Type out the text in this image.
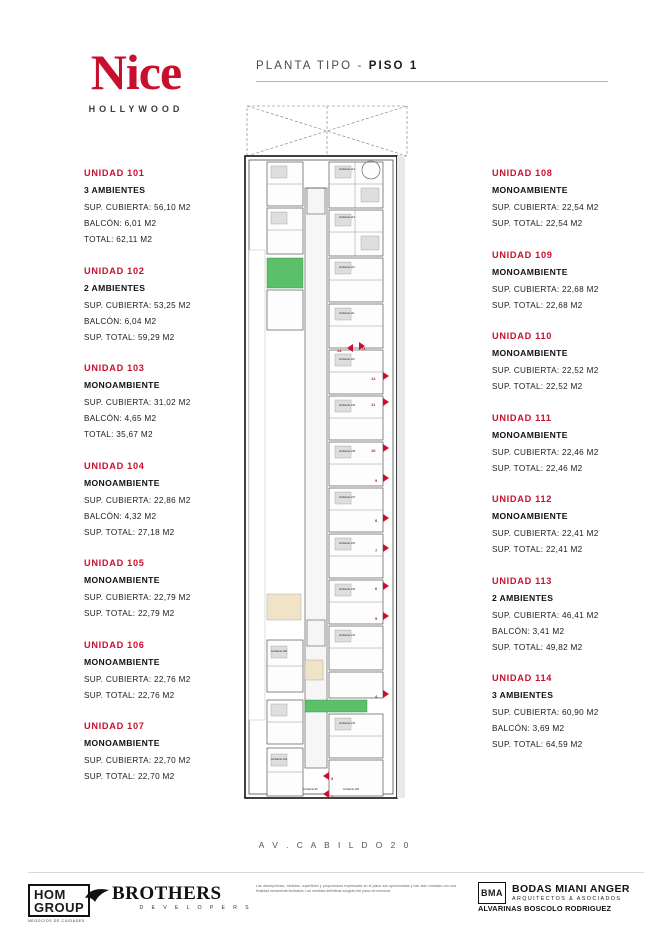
Nice
HOLLYWOOD
PLANTA TIPO - PISO 1
UNIDAD 101
3 AMBIENTES
SUP. CUBIERTA: 56,10 M2
BALCÓN: 6,01 M2
TOTAL: 62,11 M2
UNIDAD 102
2 AMBIENTES
SUP. CUBIERTA: 53,25 M2
BALCÓN: 6,04 M2
SUP. TOTAL: 59,29 M2
UNIDAD 103
MONOAMBIENTE
SUP. CUBIERTA: 31,02 M2
BALCÓN: 4,65 M2
TOTAL: 35,67 M2
UNIDAD 104
MONOAMBIENTE
SUP. CUBIERTA: 22,86 M2
BALCÓN: 4,32 M2
SUP. TOTAL: 27,18 M2
UNIDAD 105
MONOAMBIENTE
SUP. CUBIERTA: 22,79 M2
SUP. TOTAL: 22,79 M2
UNIDAD 106
MONOAMBIENTE
SUP. CUBIERTA: 22,76 M2
SUP. TOTAL: 22,76 M2
UNIDAD 107
MONOAMBIENTE
SUP. CUBIERTA: 22,70 M2
SUP. TOTAL: 22,70 M2
UNIDAD 108
MONOAMBIENTE
SUP. CUBIERTA: 22,54 M2
SUP. TOTAL: 22,54 M2
UNIDAD 109
MONOAMBIENTE
SUP. CUBIERTA: 22,68 M2
SUP. TOTAL: 22,68 M2
UNIDAD 110
MONOAMBIENTE
SUP. CUBIERTA: 22,52 M2
SUP. TOTAL: 22,52 M2
UNIDAD 111
MONOAMBIENTE
SUP. CUBIERTA: 22,46 M2
SUP. TOTAL: 22,46 M2
UNIDAD 112
MONOAMBIENTE
SUP. CUBIERTA: 22,41 M2
SUP. TOTAL: 22,41 M2
UNIDAD 113
2 AMBIENTES
SUP. CUBIERTA: 46,41 M2
BALCÓN: 3,41 M2
SUP. TOTAL: 49,82 M2
UNIDAD 114
3 AMBIENTES
SUP. CUBIERTA: 60,90 M2
BALCÓN: 3,69 M2
SUP. TOTAL: 64,59 M2
2
3
4
5
6
7
8
9
10
11
12
13
14
Ambiente 114
Ambiente 113
Ambiente 112
Ambiente 111
Ambiente 110
Ambiente 109
Ambiente 108
Ambiente 107
Ambiente 106
Ambiente 105
Ambiente 104
Ambiente 103
Ambiente 102
Ambiente 101
Ambiente 100
Ambiente 99
A V . C A B I L D O 2 0
HOM
GROUP
NEGOCIOS DE CIUDADES
BROTHERS
D E V E L O P E R S
Las descripciones, medidas, superficies y proporciones expresadas en el plano son aproximadas y han sido volcadas con una finalidad meramente ilustrativa. Las medidas definitivas surgirán del plano de mensura.	BMA BODAS MIANI ANGER
ARQUITECTOS & ASOCIADOS
ALVARINAS BOSCOLO RODRIGUEZ
